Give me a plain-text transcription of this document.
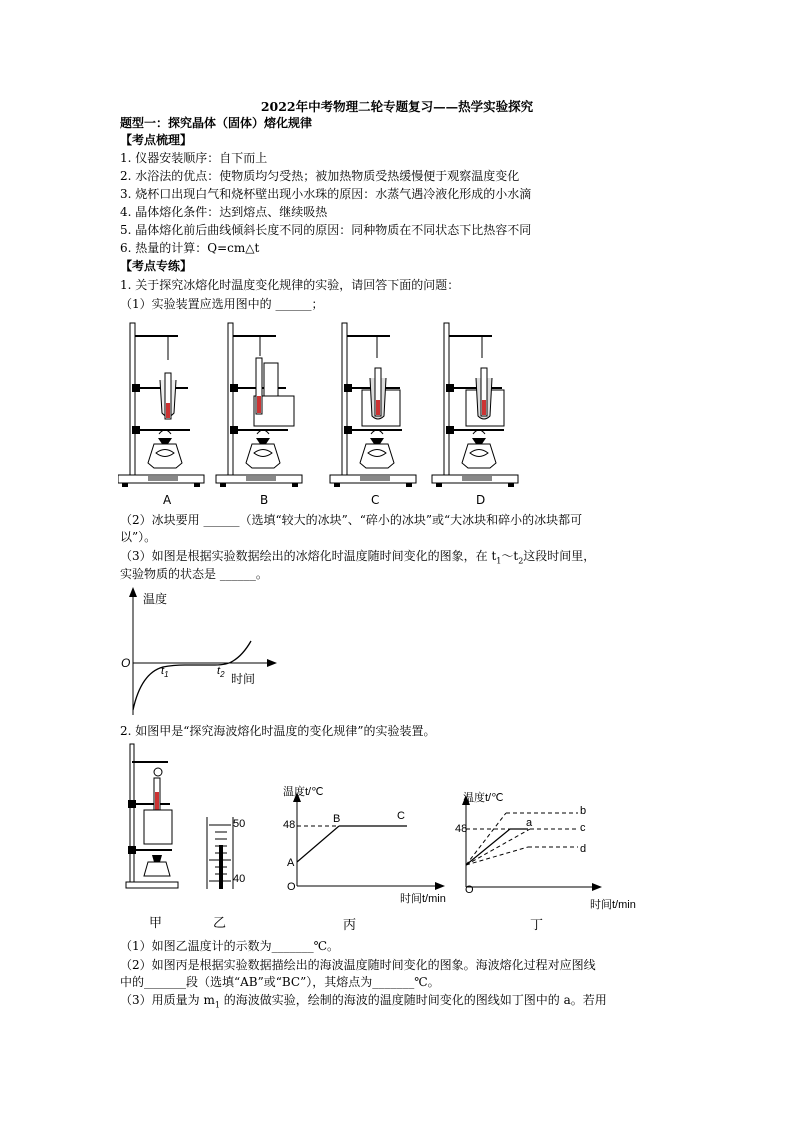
2022年中考物理二轮专题复习——热学实验探究
题型一：探究晶体（固体）熔化规律
【考点梳理】
1. 仪器安装顺序：自下而上
2. 水浴法的优点：使物质均匀受热；被加热物质受热缓慢便于观察温度变化
3. 烧杯口出现白气和烧杯壁出现小水珠的原因：水蒸气遇冷液化形成的小水滴
4. 晶体熔化条件：达到熔点、继续吸热
5. 晶体熔化前后曲线倾斜长度不同的原因：同种物质在不同状态下比热容不同
6. 热量的计算：Q=cm△t
【考点专练】
1. 关于探究冰熔化时温度变化规律的实验，请回答下面的问题：
（1）实验装置应选用图中的 ______；
A	B	C	D
（2）冰块要用 ______（选填“较大的冰块”、“碎小的冰块”或“大冰块和碎小的冰块都可
以”）。
（3）如图是根据实验数据绘出的冰熔化时温度随时间变化的图象，在 $t_1\sim t_2$这段时间里，
实验物质的状态是 ______。
温度
O
$t_1$	$t_2$ 时间
2. 如图甲是“探究海波熔化时温度的变化规律”的实验装置。
50
40
温度t/℃
48
A
B	C
O
时间t/min
温度t/℃
48	a
b
c
d
O
时间t/min
甲	乙	丙	丁
（1）如图乙温度计的示数为_______℃。
（2）如图丙是根据实验数据描绘出的海波温度随时间变化的图象。海波熔化过程对应图线
中的_______段（选填“AB”或“BC”），其熔点为_______℃。
（3）用质量为 $m_1$ 的海波做实验，绘制的海波的温度随时间变化的图线如丁图中的 a。若用
